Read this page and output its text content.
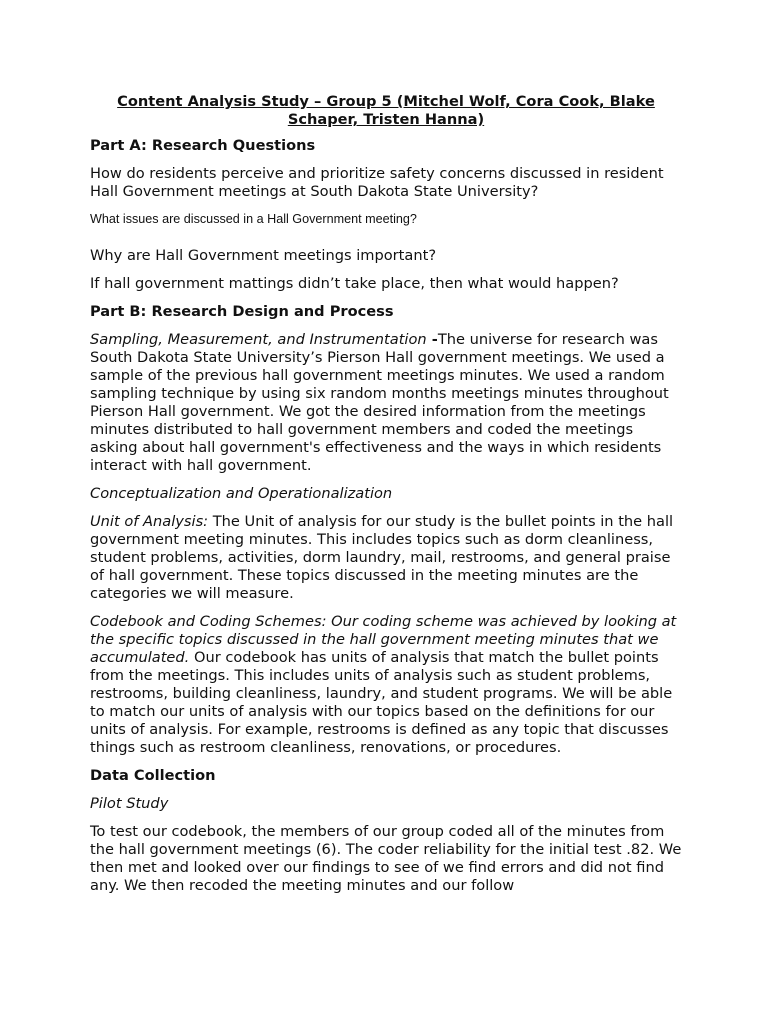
Content Analysis Study – Group 5 (Mitchel Wolf, Cora Cook, Blake Schaper, Tristen Hanna)
Part A: Research Questions

How do residents perceive and prioritize safety concerns discussed in resident Hall Government meetings at South Dakota State University?

What issues are discussed in a Hall Government meeting?

Why are Hall Government meetings important?

If hall government mattings didn’t take place, then what would happen?

Part B: Research Design and Process

Sampling, Measurement, and Instrumentation -The universe for research was South Dakota State University’s Pierson Hall government meetings. We used a sample of the previous hall government meetings minutes. We used a random sampling technique by using six random months meetings minutes throughout Pierson Hall government. We got the desired information from the meetings minutes distributed to hall government members and coded the meetings asking about hall government's effectiveness and the ways in which residents interact with hall government.

Conceptualization and Operationalization

Unit of Analysis: The Unit of analysis for our study is the bullet points in the hall government meeting minutes. This includes topics such as dorm cleanliness, student problems, activities, dorm laundry, mail, restrooms, and general praise of hall government. These topics discussed in the meeting minutes are the categories we will measure.

Codebook and Coding Schemes: Our coding scheme was achieved by looking at the specific topics discussed in the hall government meeting minutes that we accumulated. Our codebook has units of analysis that match the bullet points from the meetings. This includes units of analysis such as student problems, restrooms, building cleanliness, laundry, and student programs. We will be able to match our units of analysis with our topics based on the definitions for our units of analysis. For example, restrooms is defined as any topic that discusses things such as restroom cleanliness, renovations, or procedures.

Data Collection

Pilot Study

To test our codebook, the members of our group coded all of the minutes from the hall government meetings (6). The coder reliability for the initial test .82. We then met and looked over our findings to see of we find errors and did not find any. We then recoded the meeting minutes and our follow
